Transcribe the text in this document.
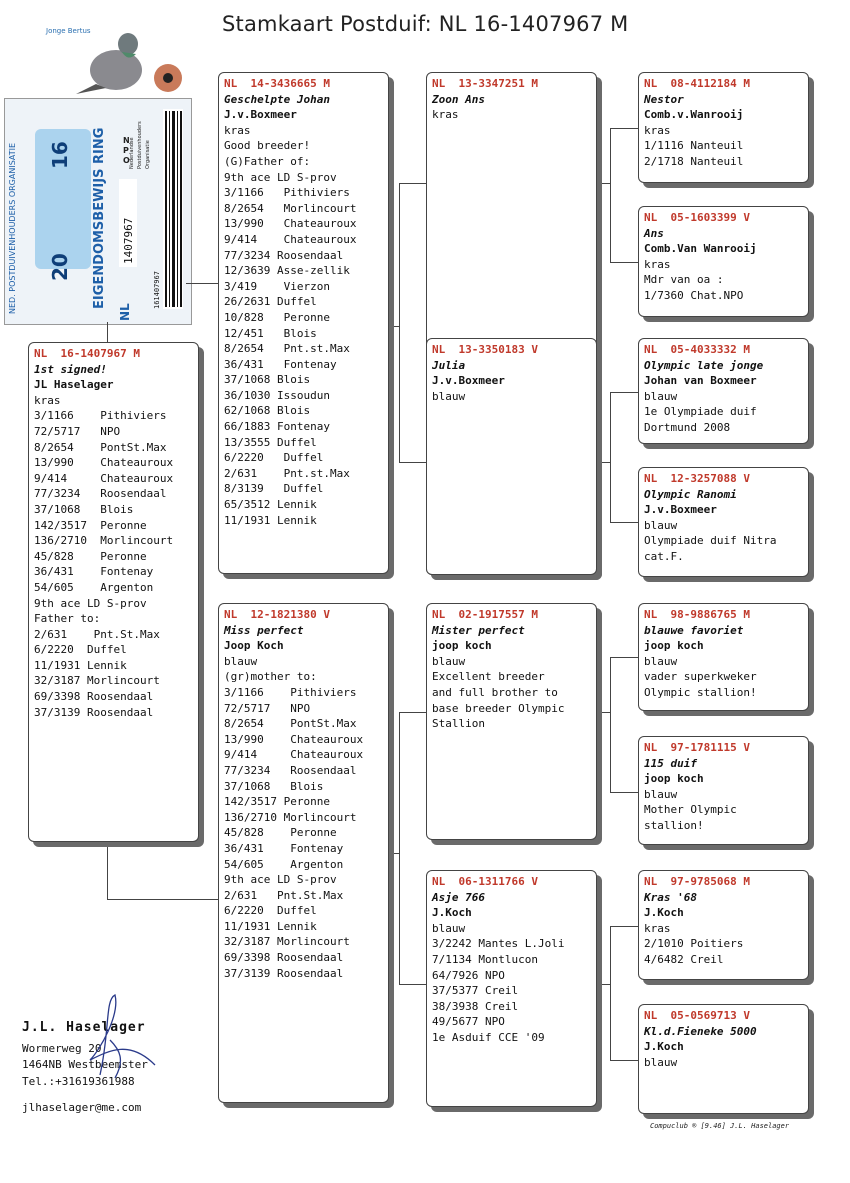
Stamkaart Postduif: NL 16-1407967 M
Jonge Bertus
NED. POSTDUIVENHOUDERS ORGANISATIE	EIGENDOMSBEWIJS RING
20
16
NL
1407967
N
P
O Nederlandse Postduivenhouders Organisatie
161407967
NL  16-1407967 M
1st signed!
JL Haselager
kras
3/1166    Pithiviers
72/5717   NPO
8/2654    PontSt.Max
13/990    Chateauroux
9/414     Chateauroux
77/3234   Roosendaal
37/1068   Blois
142/3517  Peronne
136/2710  Morlincourt
45/828    Peronne
36/431    Fontenay
54/605    Argenton
9th ace LD S-prov
Father to:
2/631    Pnt.St.Max
6/2220  Duffel
11/1931 Lennik
32/3187 Morlincourt
69/3398 Roosendaal
37/3139 Roosendaal
NL  14-3436665 M
Geschelpte Johan
J.v.Boxmeer
kras
Good breeder!
(G)Father of:
9th ace LD S-prov
3/1166   Pithiviers
8/2654   Morlincourt
13/990   Chateauroux
9/414    Chateauroux
77/3234 Roosendaal
12/3639 Asse-zellik
3/419    Vierzon
26/2631 Duffel
10/828   Peronne
12/451   Blois
8/2654   Pnt.st.Max
36/431   Fontenay
37/1068 Blois
36/1030 Issoudun
62/1068 Blois
66/1883 Fontenay
13/3555 Duffel
6/2220   Duffel
2/631    Pnt.st.Max
8/3139   Duffel
65/3512 Lennik
11/1931 Lennik
NL  12-1821380 V
Miss perfect
Joop Koch
blauw
(gr)mother to:
3/1166    Pithiviers
72/5717   NPO
8/2654    PontSt.Max
13/990    Chateauroux
9/414     Chateauroux
77/3234   Roosendaal
37/1068   Blois
142/3517 Peronne
136/2710 Morlincourt
45/828    Peronne
36/431    Fontenay
54/605    Argenton
9th ace LD S-prov
2/631   Pnt.St.Max
6/2220  Duffel
11/1931 Lennik
32/3187 Morlincourt
69/3398 Roosendaal
37/3139 Roosendaal
NL  13-3347251 M
Zoon Ans
kras
NL  13-3350183 V
Julia
J.v.Boxmeer
blauw
NL  02-1917557 M
Mister perfect
joop koch
blauw
Excellent breeder
and full brother to
base breeder Olympic
Stallion
NL  06-1311766 V
Asje 766
J.Koch
blauw
3/2242 Mantes L.Joli
7/1134 Montlucon
64/7926 NPO
37/5377 Creil
38/3938 Creil
49/5677 NPO
1e Asduif CCE '09
NL  08-4112184 M
Nestor
Comb.v.Wanrooij
kras
1/1116 Nanteuil
2/1718 Nanteuil
NL  05-1603399 V
Ans
Comb.Van Wanrooij
kras
Mdr van oa :
1/7360 Chat.NPO
NL  05-4033332 M
Olympic late jonge
Johan van Boxmeer
blauw
1e Olympiade duif
Dortmund 2008
NL  12-3257088 V
Olympic Ranomi
J.v.Boxmeer
blauw
Olympiade duif Nitra
cat.F.
NL  98-9886765 M
blauwe favoriet
joop koch
blauw
vader superkweker
Olympic stallion!
NL  97-1781115 V
115 duif
joop koch
blauw
Mother Olympic
stallion!
NL  97-9785068 M
Kras '68
J.Koch
kras
2/1010 Poitiers
4/6482 Creil
NL  05-0569713 V
Kl.d.Fieneke 5000
J.Koch
blauw
J.L. Haselager
Wormerweg 20
1464NB Westbeemster
Tel.:+31619361988
jlhaselager@me.com
Compuclub ® [9.46] J.L. Haselager
